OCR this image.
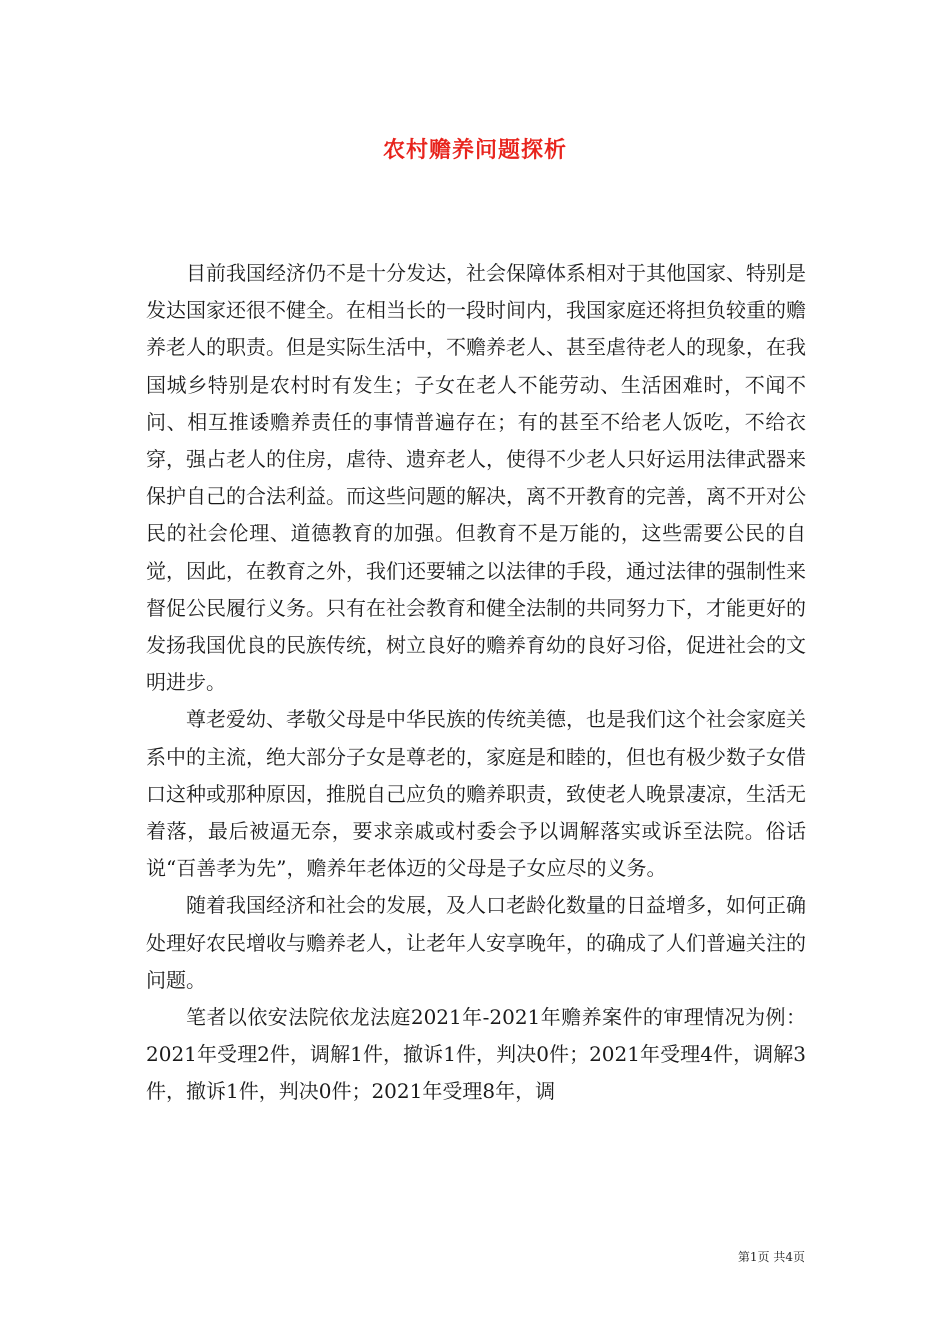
农村赡养问题探析

目前我国经济仍不是十分发达，社会保障体系相对于其他国家、特别是发达国家还很不健全。在相当长的一段时间内，我国家庭还将担负较重的赡养老人的职责。但是实际生活中，不赡养老人、甚至虐待老人的现象，在我国城乡特别是农村时有发生；子女在老人不能劳动、生活困难时，不闻不问、相互推诿赡养责任的事情普遍存在；有的甚至不给老人饭吃，不给衣穿，强占老人的住房，虐待、遗弃老人，使得不少老人只好运用法律武器来保护自己的合法利益。而这些问题的解决，离不开教育的完善，离不开对公民的社会伦理、道德教育的加强。但教育不是万能的，这些需要公民的自觉，因此，在教育之外，我们还要辅之以法律的手段，通过法律的强制性来督促公民履行义务。只有在社会教育和健全法制的共同努力下，才能更好的发扬我国优良的民族传统，树立良好的赡养育幼的良好习俗，促进社会的文明进步。

尊老爱幼、孝敬父母是中华民族的传统美德，也是我们这个社会家庭关系中的主流，绝大部分子女是尊老的，家庭是和睦的，但也有极少数子女借口这种或那种原因，推脱自己应负的赡养职责，致使老人晚景凄凉，生活无着落，最后被逼无奈，要求亲戚或村委会予以调解落实或诉至法院。俗话说“百善孝为先”，赡养年老体迈的父母是子女应尽的义务。

随着我国经济和社会的发展，及人口老龄化数量的日益增多，如何正确处理好农民增收与赡养老人，让老年人安享晚年，的确成了人们普遍关注的问题。

笔者以依安法院依龙法庭2021年-2021年赡养案件的审理情况为例：2021年受理2件，调解1件，撤诉1件，判决0件；2021年受理4件，调解3件，撤诉1件，判决0件；2021年受理8年，调

第1页 共4页
